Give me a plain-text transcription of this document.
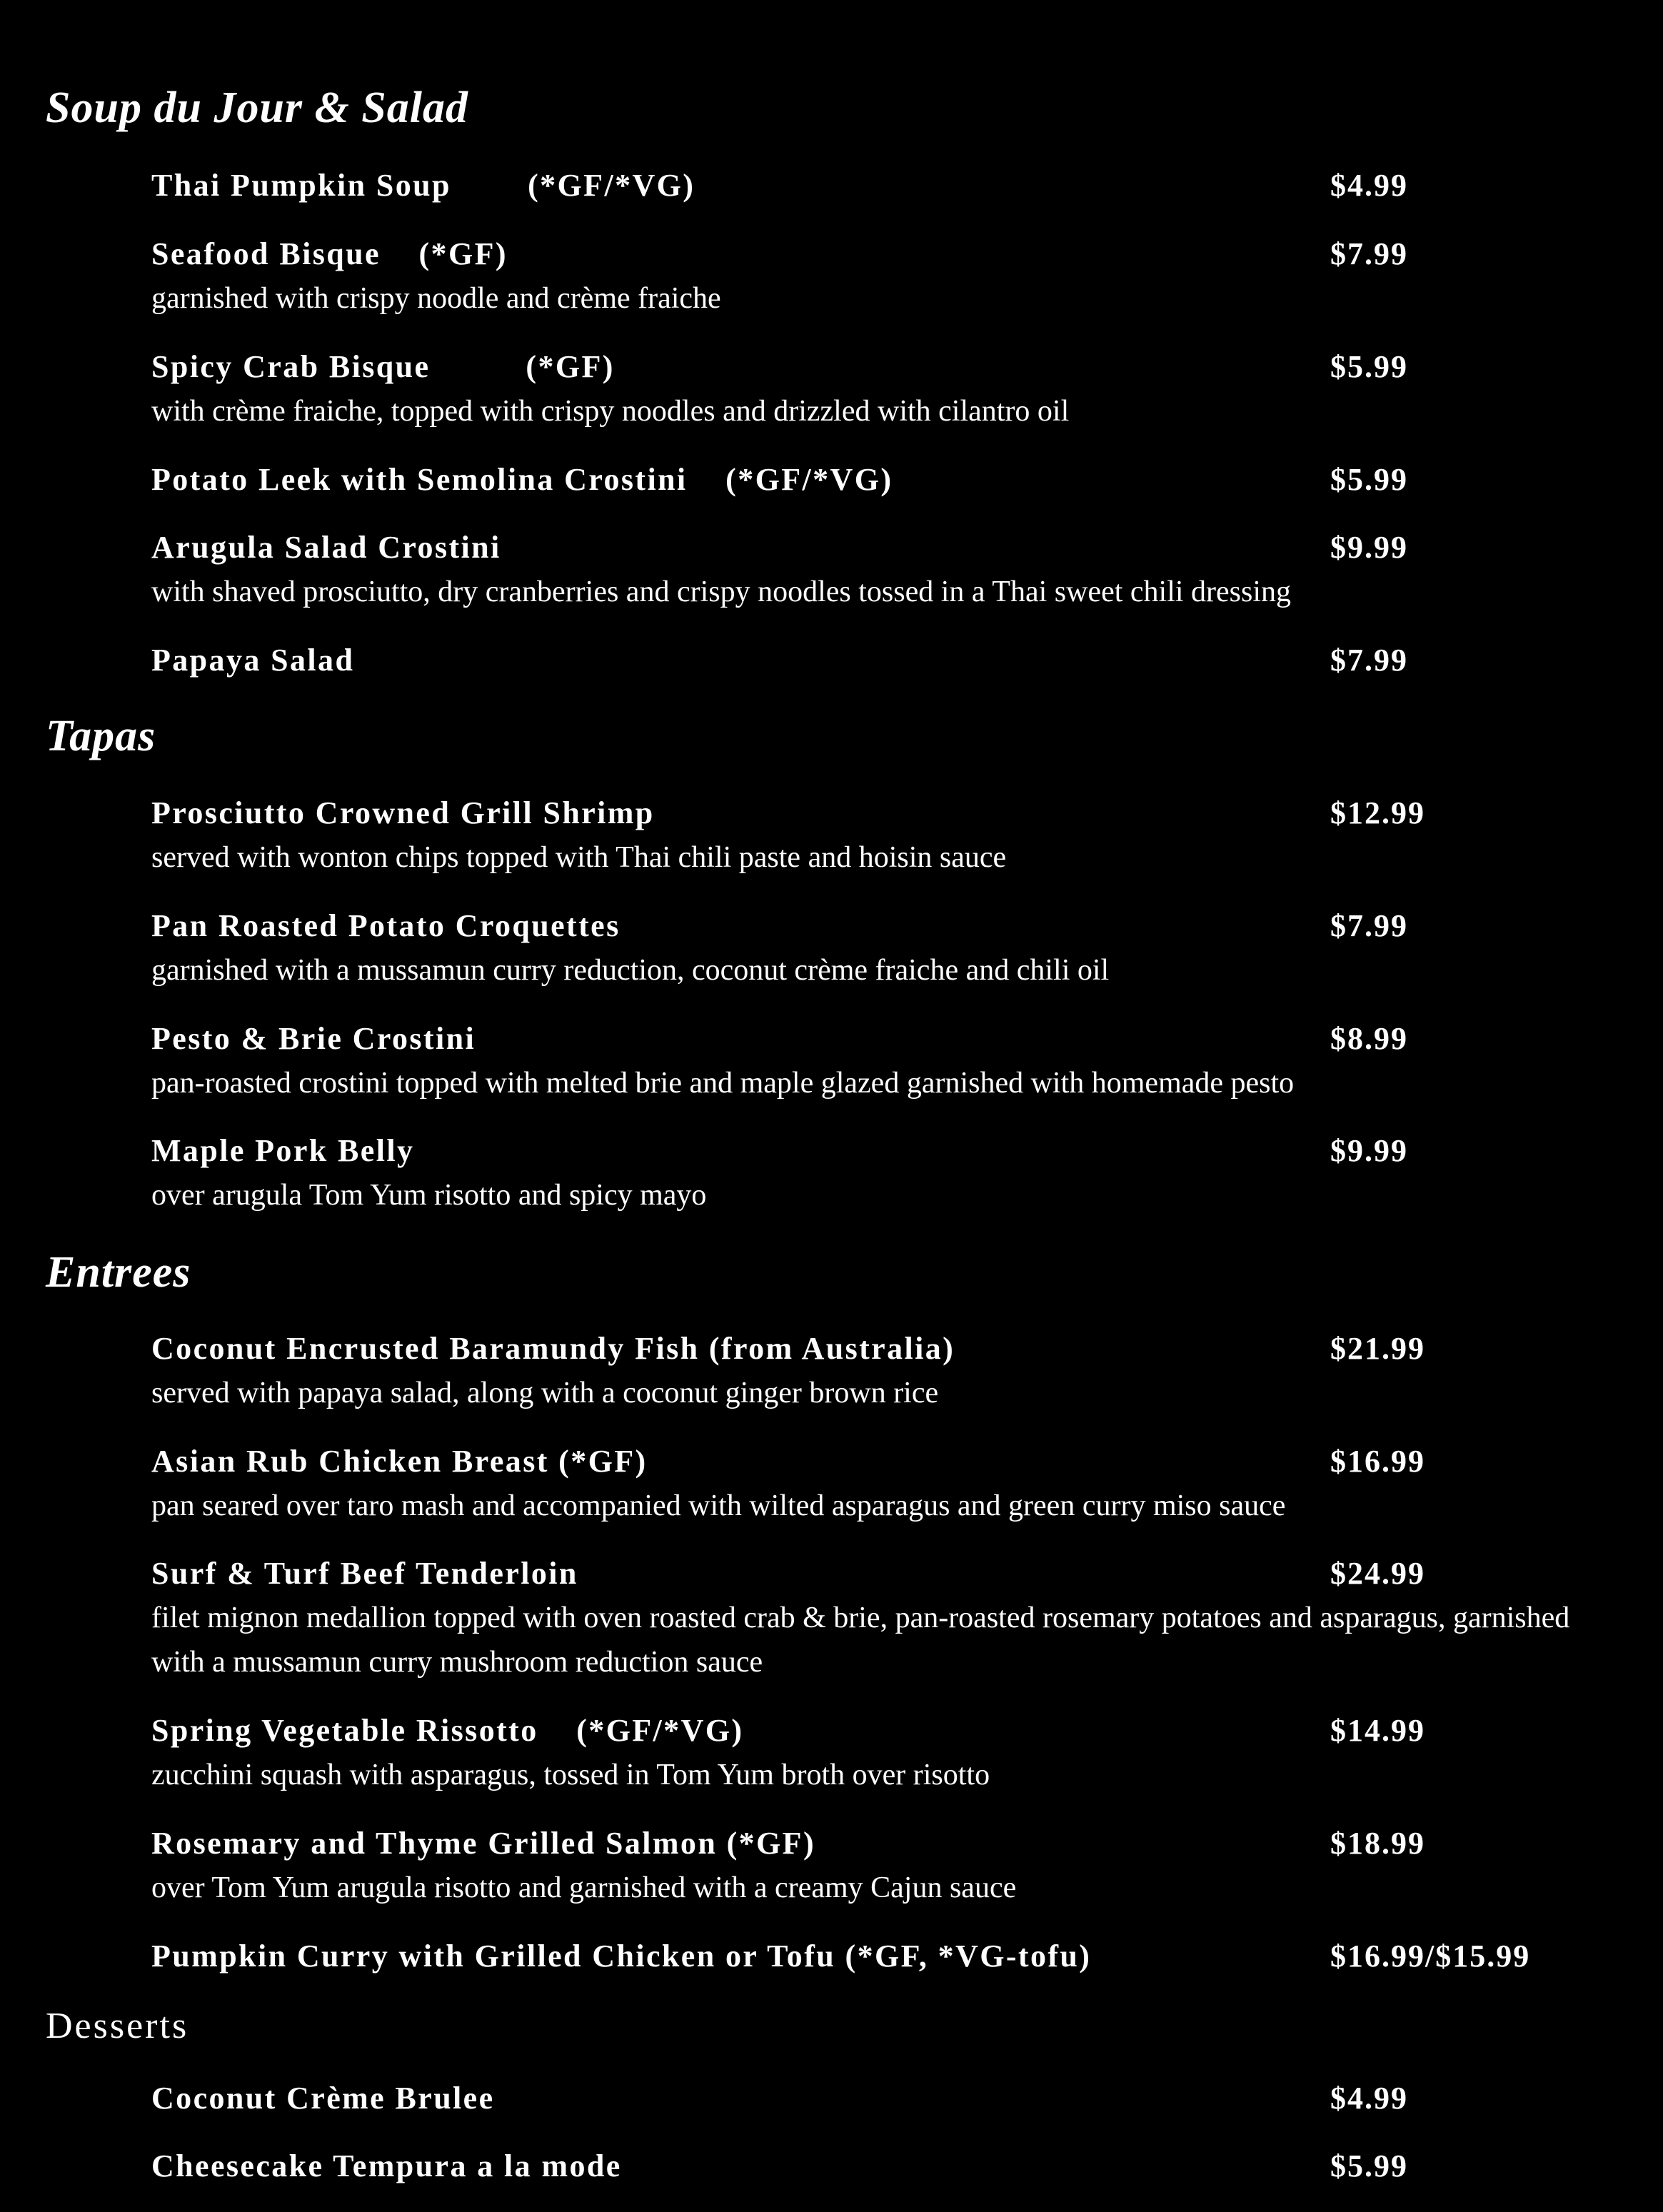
Soup du Jour & Salad
Thai Pumpkin Soup        (*GF/*VG)	$4.99
Seafood Bisque    (*GF)	$7.99
garnished with crispy noodle and crème fraiche
Spicy Crab Bisque          (*GF)	$5.99
with crème fraiche, topped with crispy noodles and drizzled with cilantro oil
Potato Leek with Semolina Crostini    (*GF/*VG)	$5.99
Arugula Salad Crostini	$9.99
with shaved prosciutto, dry cranberries and crispy noodles tossed in a Thai sweet chili dressing
Papaya Salad	$7.99
Tapas
Prosciutto Crowned Grill Shrimp	$12.99
served with wonton chips topped with Thai chili paste and hoisin sauce
Pan Roasted Potato Croquettes	$7.99
garnished with a mussamun curry reduction, coconut crème fraiche and chili oil
Pesto & Brie Crostini	$8.99
pan-roasted crostini topped with melted brie and maple glazed garnished with homemade pesto
Maple Pork Belly	$9.99
over arugula Tom Yum risotto and spicy mayo
Entrees
Coconut Encrusted Baramundy Fish (from Australia)	$21.99
served with papaya salad, along with a coconut ginger brown rice
Asian Rub Chicken Breast (*GF)	$16.99
pan seared over taro mash and accompanied with wilted asparagus and green curry miso sauce
Surf & Turf Beef Tenderloin	$24.99
filet mignon medallion topped with oven roasted crab & brie, pan-roasted rosemary potatoes and asparagus, garnished with a mussamun curry mushroom reduction sauce
Spring Vegetable Rissotto    (*GF/*VG)	$14.99
zucchini squash with asparagus, tossed in Tom Yum broth over risotto
Rosemary and Thyme Grilled Salmon (*GF)	$18.99
over Tom Yum arugula risotto and garnished with a creamy Cajun sauce
Pumpkin Curry with Grilled Chicken or Tofu (*GF, *VG-tofu)	$16.99/$15.99
Desserts
Coconut Crème Brulee	$4.99
Cheesecake Tempura a la mode	$5.99
